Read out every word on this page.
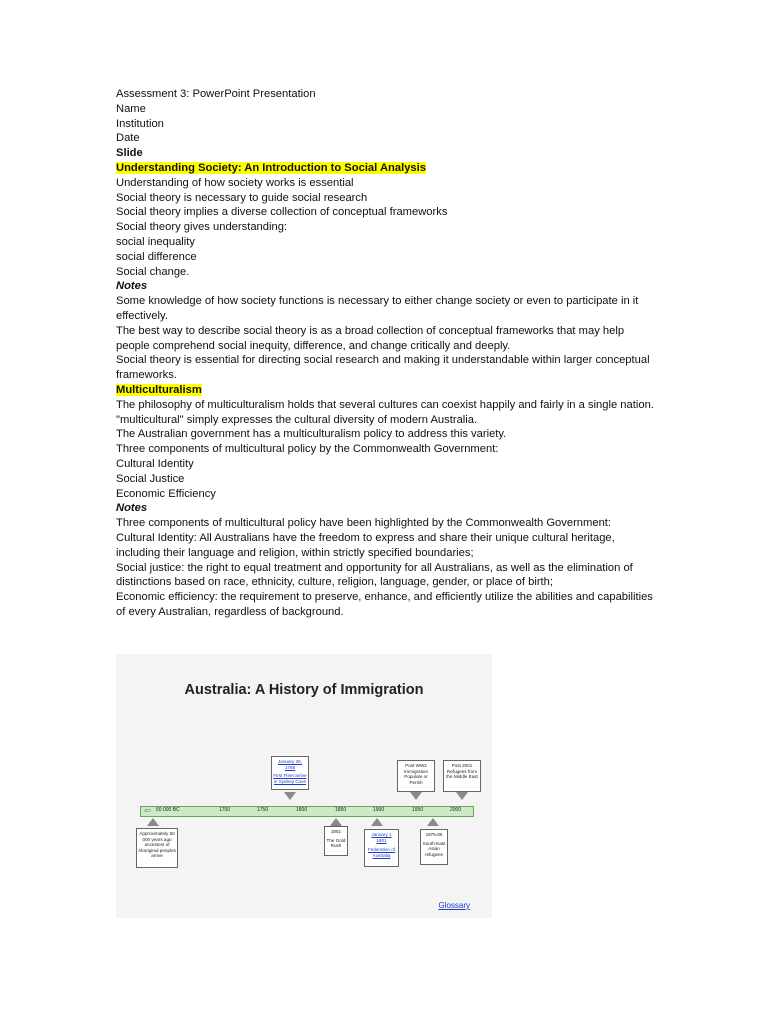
Assessment 3: PowerPoint Presentation

Name

Institution

Date

Slide

Understanding Society: An Introduction to Social Analysis

Understanding of how society works is essential

Social theory is necessary to guide social research

Social theory implies a diverse collection of conceptual frameworks

Social theory gives understanding:

social inequality

social difference

Social change.

Notes

Some knowledge of how society functions is necessary to either change society or even to participate in it effectively.

The best way to describe social theory is as a broad collection of conceptual frameworks that may help people comprehend social inequity, difference, and change critically and deeply.

Social theory is essential for directing social research and making it understandable within larger conceptual frameworks.

Multiculturalism

The philosophy of multiculturalism holds that several cultures can coexist happily and fairly in a single nation.

"multicultural" simply expresses the cultural diversity of modern Australia.

The Australian government has a multiculturalism policy to address this variety.

Three components of multicultural policy by the Commonwealth Government:

Cultural Identity

Social Justice

Economic Efficiency

Notes

Three components of multicultural policy have been highlighted by the Commonwealth Government:

Cultural Identity: All Australians have the freedom to express and share their unique cultural heritage, including their language and religion, within strictly specified boundaries;

Social justice: the right to equal treatment and opportunity for all Australians, as well as the elimination of distinctions based on race, ethnicity, culture, religion, language, gender, or place of birth;

Economic efficiency: the requirement to preserve, enhance, and efficiently utilize the abilities and capabilities of every Australian, regardless of background.

Australia: A History of Immigration
January 26, 1788
First Fleet arrive in Sydney Cove
Post WW2 Immigration Populate or Perish
Post 2001 Refugees from the Middle East
⇦ 50 000 BC	1700	1750	1800	1850	1900	1950	2000
Approximately 50 000 years ago ancestors of Aboriginal peoples arrive
1851
The Gold Rush
January 1 1901
Federation of Australia
1975-85
South-East Asian refugees
Glossary
